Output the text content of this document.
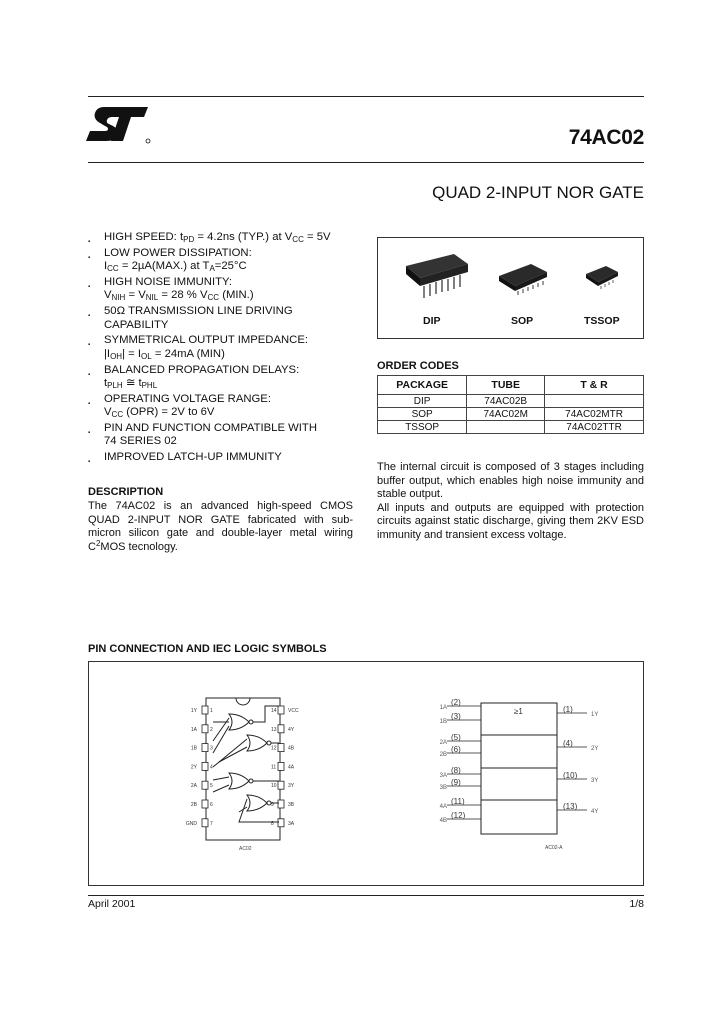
74AC02
QUAD 2-INPUT NOR GATE
▪ HIGH SPEED: $t_{PD} = 4.2ns$ (TYP.) at $V_{CC} = 5V$
▪ LOW POWER DISSIPATION:
$I_{CC} = 2\mu A(MAX.)$ at $T_A=25^\circ C$
▪ HIGH NOISE IMMUNITY:
$V_{NIH} = V_{NIL} = 28$ % $V_{CC}$ (MIN.)
▪ 50Ω TRANSMISSION LINE DRIVING
CAPABILITY
▪ SYMMETRICAL OUTPUT IMPEDANCE:
$|I_{OH}| = I_{OL} = 24mA$ (MIN)
▪ BALANCED PROPAGATION DELAYS:
$t_{PLH}$ ≅ $t_{PHL}$
▪ OPERATING VOLTAGE RANGE:
$V_{CC}$ (OPR) = 2V to 6V
▪ PIN AND FUNCTION COMPATIBLE WITH
74 SERIES 02
▪ IMPROVED LATCH-UP IMMUNITY
DESCRIPTION
The 74AC02 is an advanced high-speed CMOS QUAD 2-INPUT NOR GATE fabricated with sub-micron silicon gate and double-layer metal wiring $C^2MOS$ tecnology.
DIP	SOP	TSSOP
ORDER CODES
PACKAGE	TUBE	T & R
DIP	74AC02B	
SOP	74AC02M	74AC02MTR
TSSOP		74AC02TTR
The internal circuit is composed of 3 stages including buffer output, which enables high noise immunity and stable output.
All inputs and outputs are equipped with protection circuits against static discharge, giving them 2KV ESD immunity and transient excess voltage.
PIN CONNECTION AND IEC LOGIC SYMBOLS
1
1Y
2
1A
3
1B
4
2Y
5
2A
6
2B
7
GND
14 VCC
13 4Y
12 4B
11 4A
10 3Y
9	3B
8	3A
AC02
≥1
(2)
1A
(3)
1B
(5)
2A
(6)
2B
(8)
3A
(9)
3B
(11)
4A
(12)
4B
(1)
1Y
(4)
2Y
(10)
3Y
(13)
4Y
AC02-A
April 2001	1/8
